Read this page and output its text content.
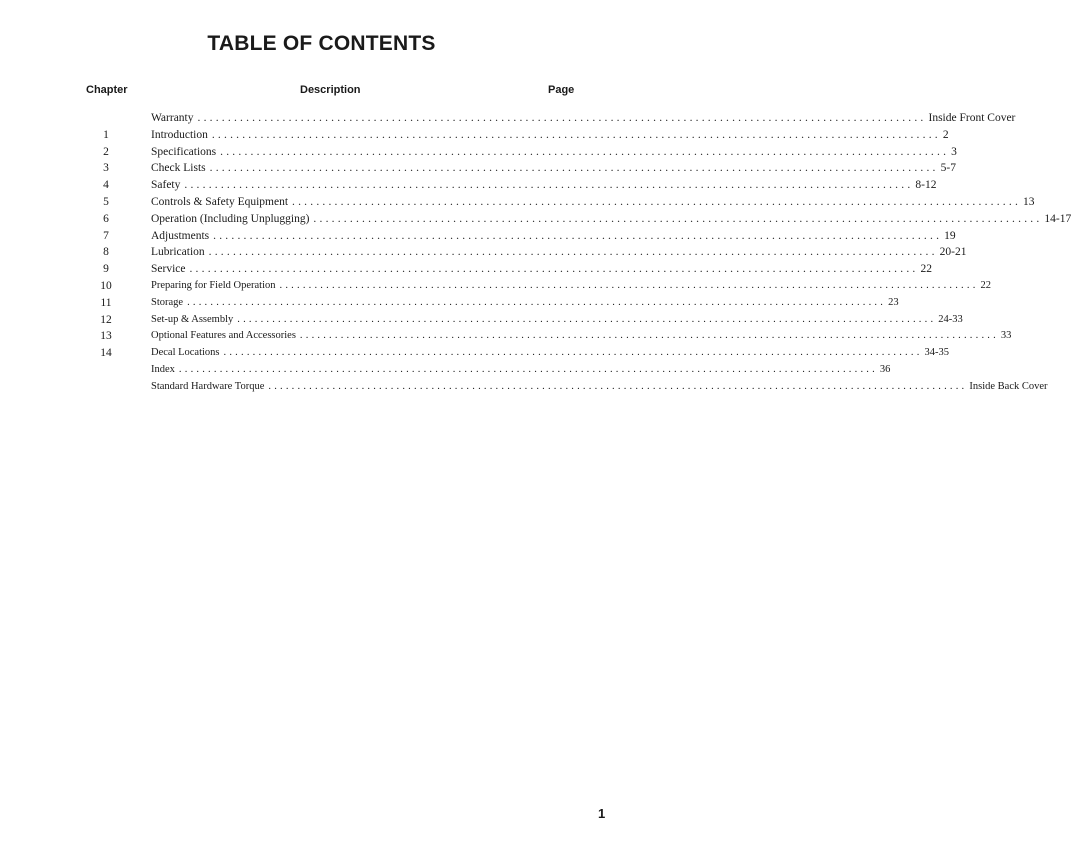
TABLE OF CONTENTS
Chapter	Description	Page
Warranty ........................................................................................................................ Inside Front Cover
1	Introduction ........................................................................................................................ 2
2	Specifications ........................................................................................................................ 3
3	Check Lists ........................................................................................................................ 5-7
4	Safety ........................................................................................................................ 8-12
5	Controls & Safety Equipment ........................................................................................................................ 13
6	Operation (Including Unplugging) ........................................................................................................................ 14-17
7	Adjustments ........................................................................................................................ 19
8	Lubrication ........................................................................................................................ 20-21
9	Service ........................................................................................................................ 22
10	Preparing for Field Operation ........................................................................................................................ 22
11	Storage ........................................................................................................................ 23
12	Set-up & Assembly ........................................................................................................................ 24-33
13	Optional Features and Accessories ........................................................................................................................ 33
14	Decal Locations ........................................................................................................................ 34-35
Index ........................................................................................................................ 36
Standard Hardware Torque ........................................................................................................................ Inside Back Cover
1
